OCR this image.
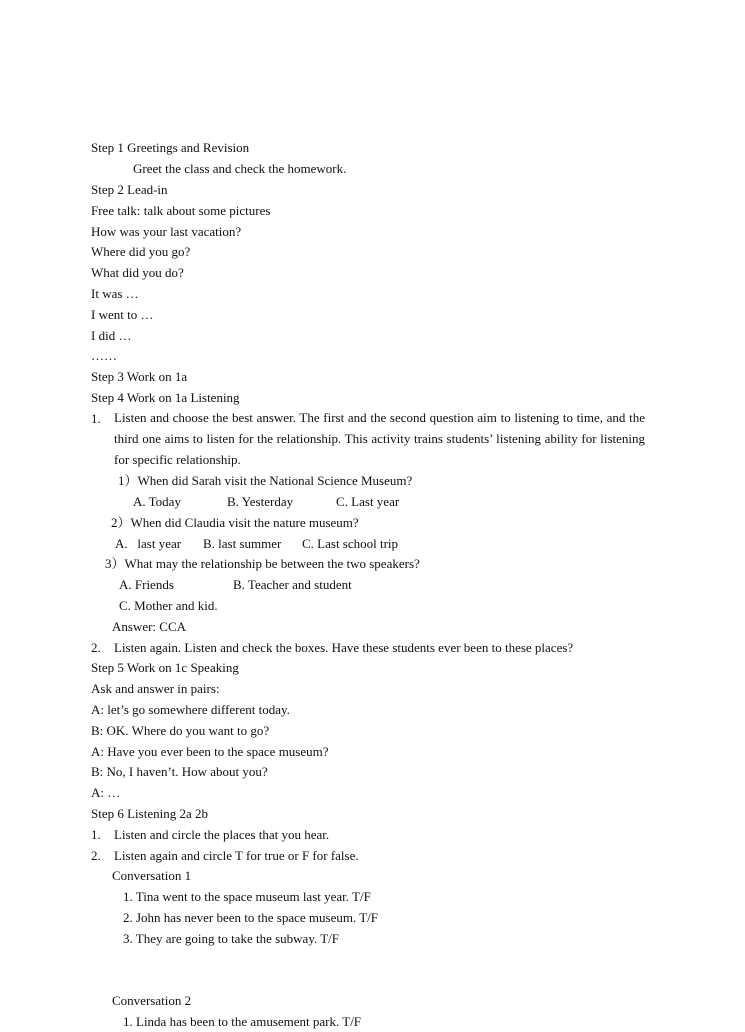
Step 1 Greetings and Revision
Greet the class and check the homework.
Step 2 Lead-in
Free talk: talk about some pictures
How was your last vacation?
Where did you go?
What did you do?
It was …
I went to …
I did …
……
Step 3 Work on 1a
Step 4 Work on 1a Listening
1. Listen and choose the best answer. The first and the second question aim to listening to time, and the third one aims to listen for the relationship. This activity trains students’ listening ability for listening for specific relationship.
1）When did Sarah visit the National Science Museum?
A. Today	B. Yesterday	C. Last year
2）When did Claudia visit the nature museum?
A.   last year B. last summer C. Last school trip
3）What may the relationship be between the two speakers?
A. Friends	B. Teacher and student
C. Mother and kid.
Answer: CCA
2. Listen again. Listen and check the boxes. Have these students ever been to these places?
Step 5 Work on 1c Speaking
Ask and answer in pairs:
A: let’s go somewhere different today.
B: OK. Where do you want to go?
A: Have you ever been to the space museum?
B: No, I haven’t. How about you?
A: …
Step 6 Listening 2a 2b
1. Listen and circle the places that you hear.
2. Listen again and circle T for true or F for false.
Conversation 1
1. Tina went to the space museum last year. T/F
2. John has never been to the space museum. T/F
3. They are going to take the subway. T/F
Conversation 2
1. Linda has been to the amusement park. T/F
